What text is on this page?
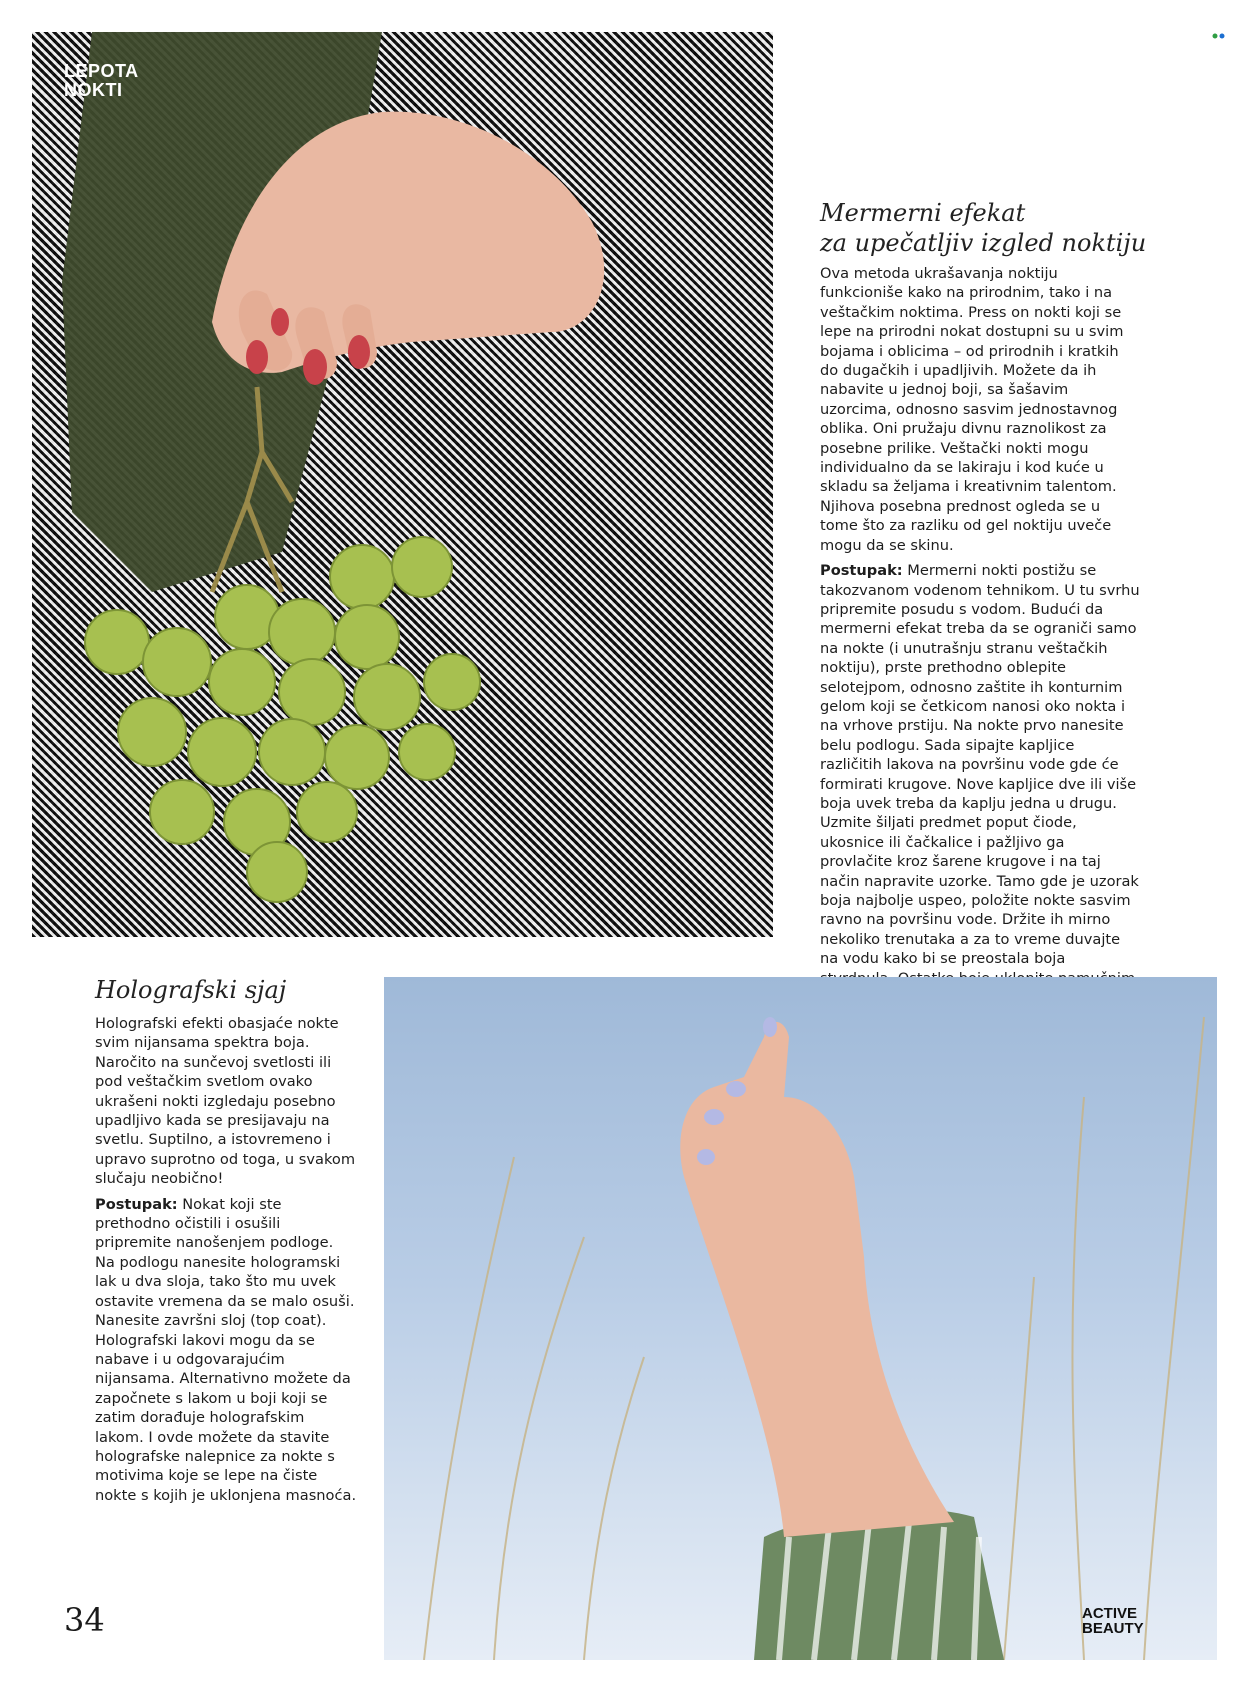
LEPOTA
NOKTI
Mermerni efekat
za upečatljiv izgled noktiju

Ova metoda ukrašavanja noktiju funkcioniše kako na prirodnim, tako i na veštačkim noktima. Press on nokti koji se lepe na prirodni nokat dostupni su u svim bojama i oblicima – od prirodnih i kratkih do dugačkih i upadljivih. Možete da ih nabavite u jednoj boji, sa šašavim uzorcima, odnosno sasvim jednostavnog oblika. Oni pružaju divnu raznolikost za posebne prilike. Veštački nokti mogu individualno da se lakiraju i kod kuće u skladu sa željama i kreativnim talentom. Njihova posebna prednost ogleda se u tome što za razliku od gel noktiju uveče mogu da se skinu.

Postupak: Mermerni nokti postižu se takozvanom vodenom tehnikom. U tu svrhu pripremite posudu s vodom. Budući da mermerni efekat treba da se ograniči samo na nokte (i unutrašnju stranu veštačkih noktiju), prste prethodno oblepite selotejpom, odnosno zaštite ih konturnim gelom koji se četkicom nanosi oko nokta i na vrhove prstiju. Na nokte prvo nanesite belu podlogu. Sada sipajte kapljice različitih lakova na površinu vode gde će formirati krugove. Nove kapljice dve ili više boja uvek treba da kaplju jedna u drugu. Uzmite šiljati predmet poput čiode, ukosnice ili čačkalice i pažljivo ga provlačite kroz šarene krugove i na taj način napravite uzorke. Tamo gde je uzorak boja najbolje uspeo, položite nokte sasvim ravno na površinu vode. Držite ih mirno nekoliko trenutaka a za to vreme duvajte na vodu kako bi se preostala boja

Holografski sjaj

Holografski efekti obasjaće nokte svim nijansama spektra boja. Naročito na sunčevoj svetlosti ili pod veštačkim svetlom ovako ukrašeni nokti izgledaju posebno upadljivo kada se presijavaju na svetlu. Suptilno, a istovremeno i upravo suprotno od toga, u svakom slučaju neobično!

Postupak: Nokat koji ste prethodno očistili i osušili pripremite nanošenjem podloge. Na podlogu nanesite hologramski lak u dva sloja, tako što mu uvek ostavite vremena da se malo osuši. Nanesite završni sloj (top coat). Holografski lakovi mogu da se nabave i u odgovarajućim nijansama. Alternativno možete da započnete s lakom u boji koji se zatim dorađuje holografskim lakom. I ovde možete da stavite holografske nalepnice za nokte s motivima koje se lepe na čiste nokte s kojih je uklonjena masnoća.

34	ACTIVE
BEAUTY
